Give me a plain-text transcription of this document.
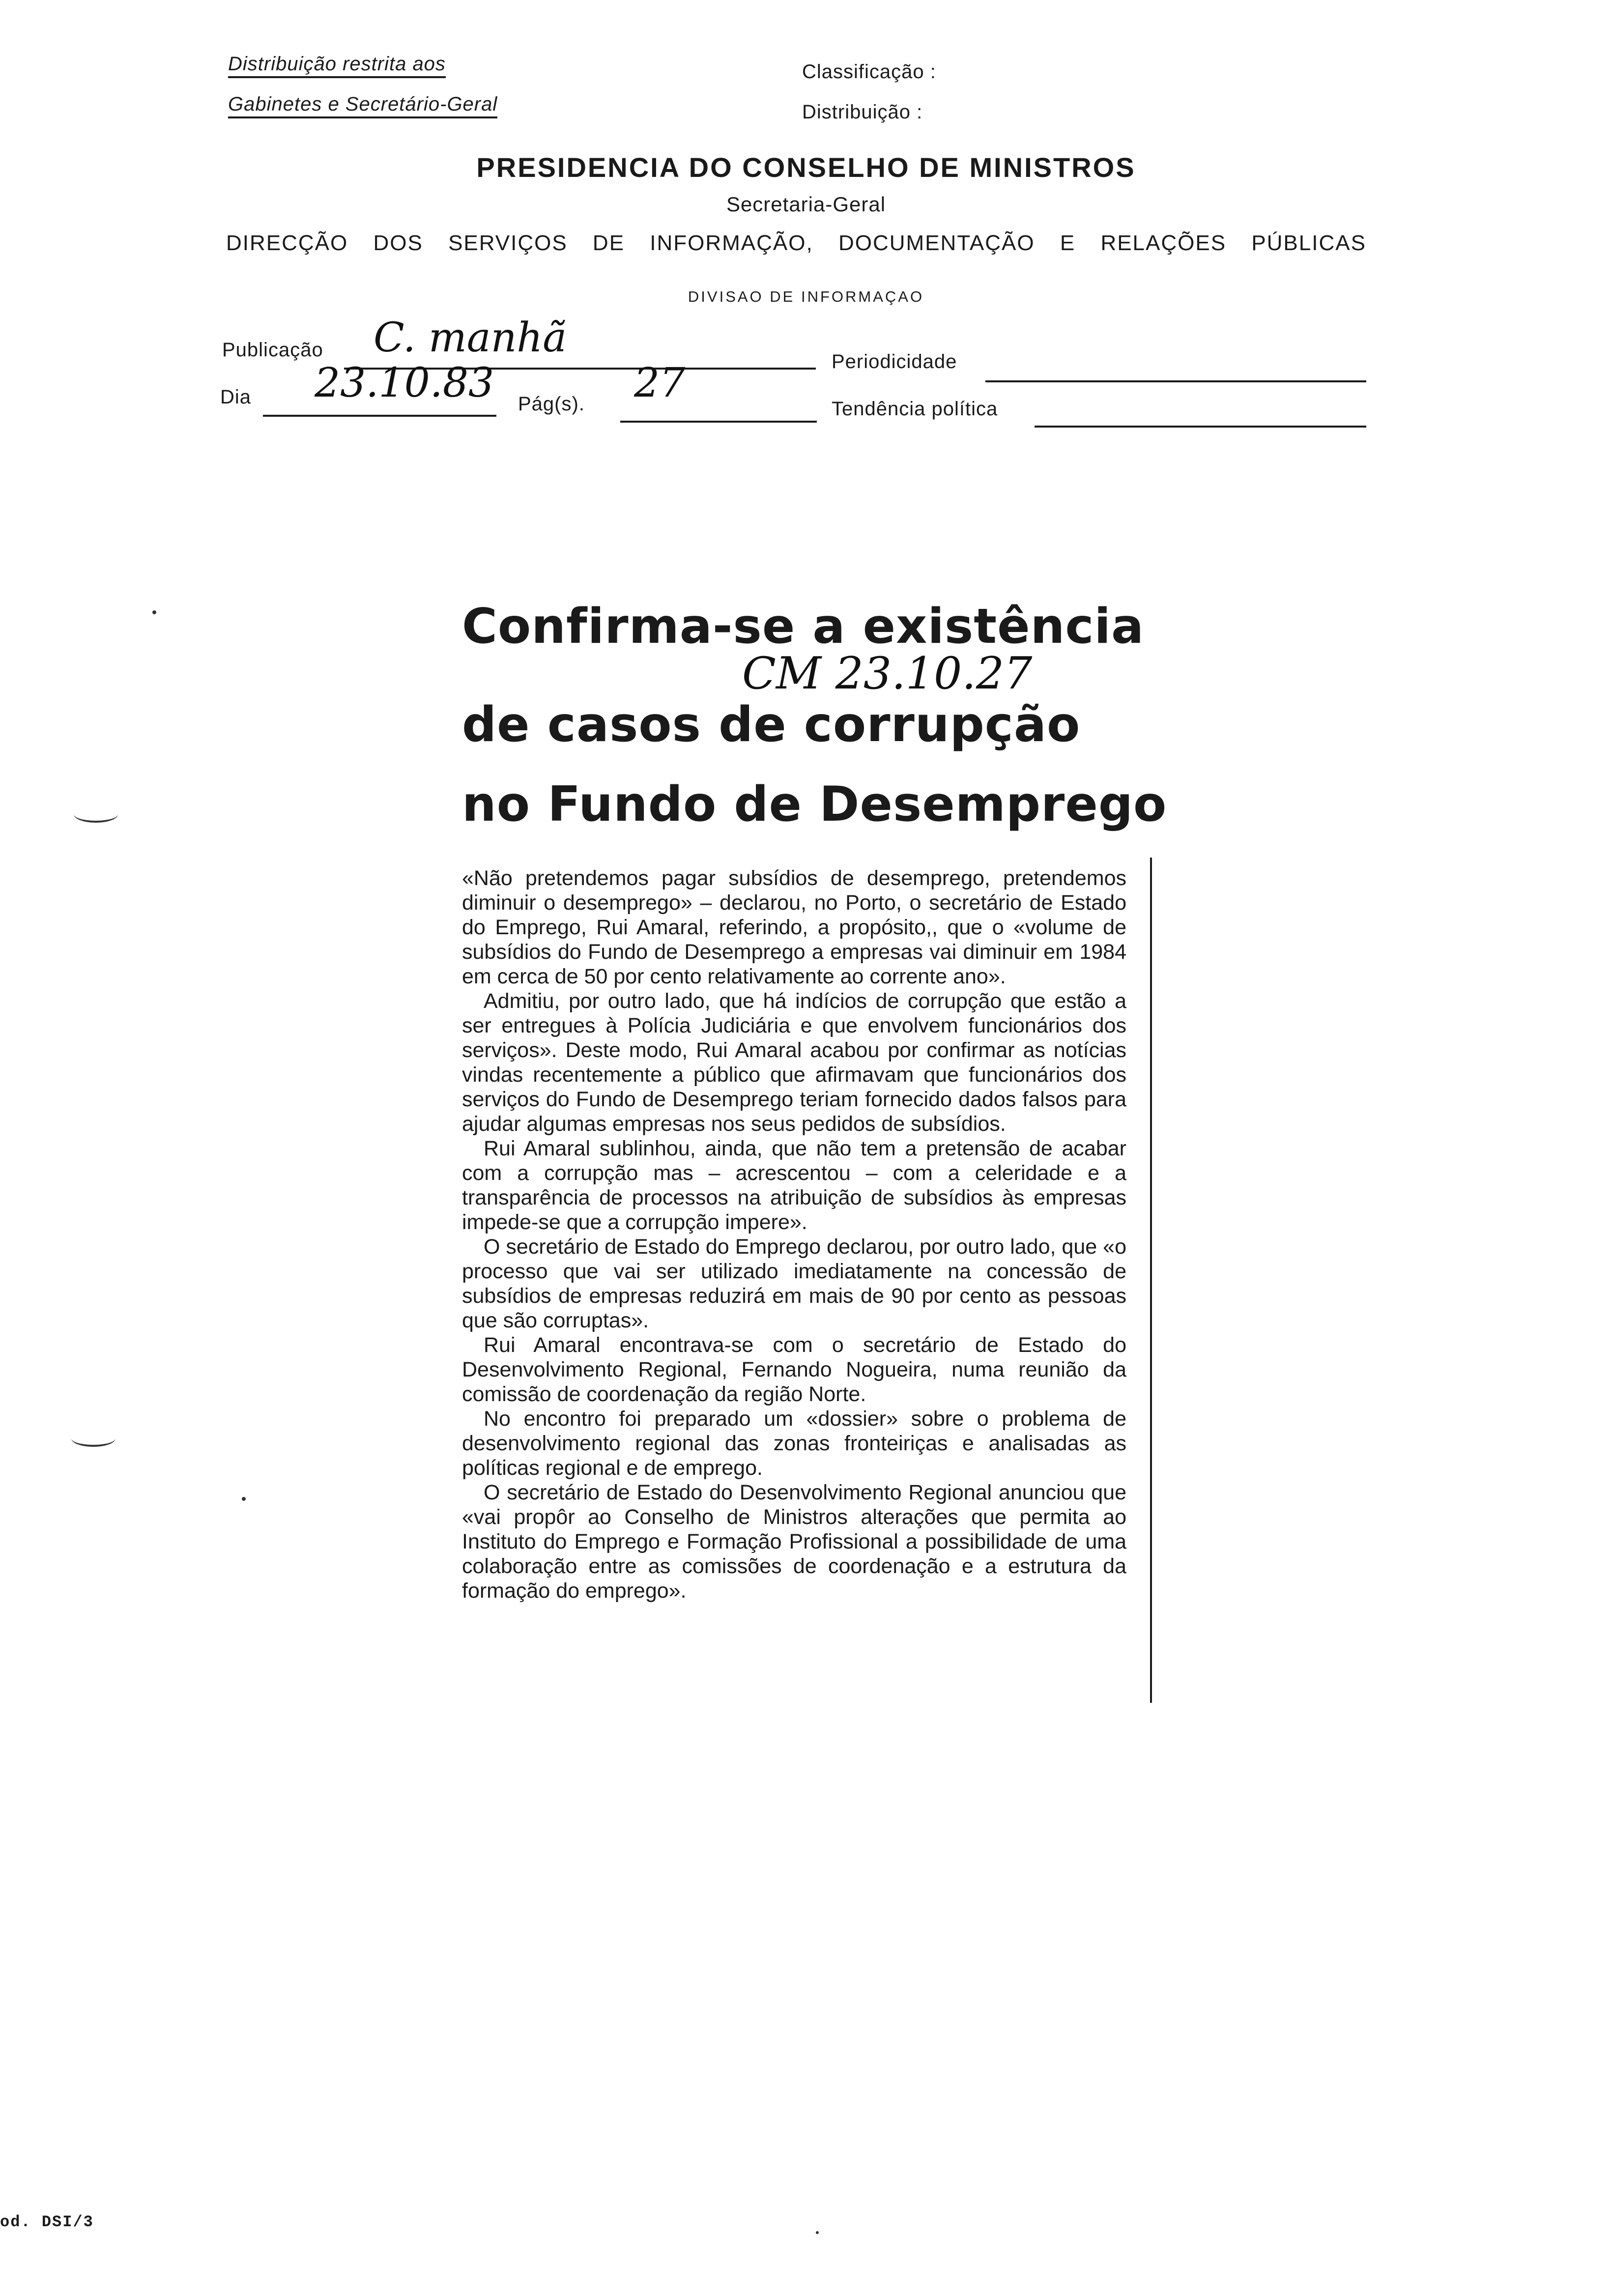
Distribuição restrita aos
Gabinetes e Secretário-Geral
Classificação :
Distribuição :
PRESIDENCIA DO CONSELHO DE MINISTROS
Secretaria-Geral
DIRECÇÃO DOS SERVIÇOS DE INFORMAÇÃO, DOCUMENTAÇÃO E RELAÇÕES PÚBLICAS
DIVISAO DE INFORMAÇAO
Publicação C. manhã
Periodicidade
Dia 23.10.83 Pág(s). 27
Tendência política
Confirma-se a existência
de casos de corrupção
no Fundo de Desemprego
CM 23.10.27

«Não pretendemos pagar subsídios de desemprego, pretendemos diminuir o desemprego» – declarou, no Porto, o secretário de Estado do Emprego, Rui Amaral, referindo, a propósito,, que o «volume de subsídios do Fundo de Desemprego a empresas vai diminuir em 1984 em cerca de 50 por cento relativamente ao corrente ano».

Admitiu, por outro lado, que há indícios de corrupção que estão a ser entregues à Polícia Judiciária e que envolvem funcionários dos serviços». Deste modo, Rui Amaral acabou por confirmar as notícias vindas recentemente a público que afirmavam que funcionários dos serviços do Fundo de Desemprego teriam fornecido dados falsos para ajudar algumas empresas nos seus pedidos de subsídios.

Rui Amaral sublinhou, ainda, que não tem a pretensão de acabar com a corrupção mas – acrescentou – com a celeridade e a transparência de processos na atribuição de subsídios às empresas impede-se que a corrupção impere».

O secretário de Estado do Emprego declarou, por outro lado, que «o processo que vai ser utilizado imediatamente na concessão de subsídios de empresas reduzirá em mais de 90 por cento as pessoas que são corruptas».

Rui Amaral encontrava-se com o secretário de Estado do Desenvolvimento Regional, Fernando Nogueira, numa reunião da comissão de coordenação da região Norte.

No encontro foi preparado um «dossier» sobre o problema de desenvolvimento regional das zonas fronteiriças e analisadas as políticas regional e de emprego.

O secretário de Estado do Desenvolvimento Regional anunciou que «vai propôr ao Conselho de Ministros alterações que permita ao Instituto do Emprego e Formação Profissional a possibilidade de uma colaboração entre as comissões de coordenação e a estrutura da formação do emprego».

od. DSI/3
